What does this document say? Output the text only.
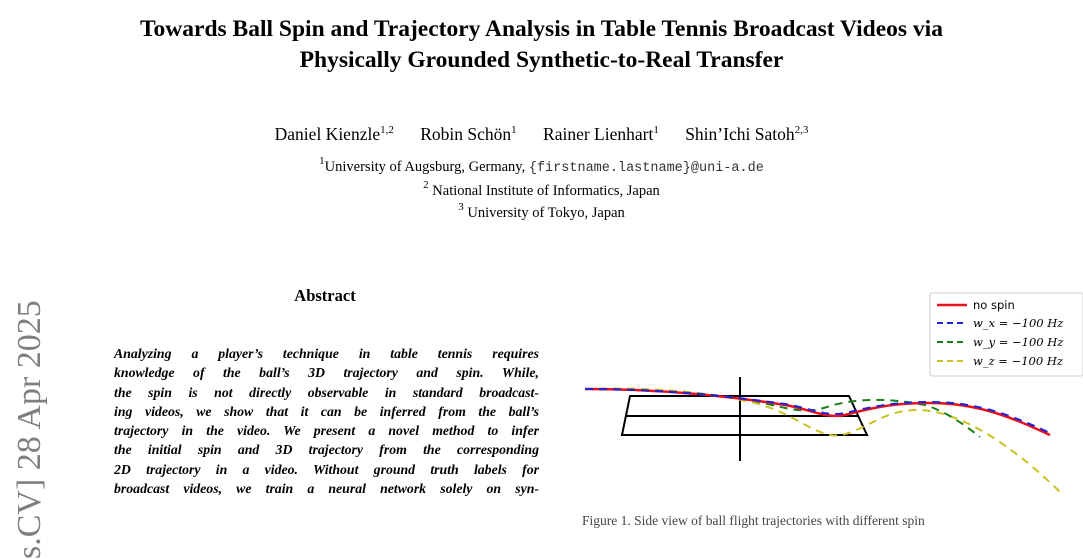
Towards Ball Spin and Trajectory Analysis in Table Tennis Broadcast Videos via
Physically Grounded Synthetic-to-Real Transfer
Daniel Kienzle$^{1,2}$ Robin Schön$^1$ Rainer Lienhart$^1$ Shin’Ichi Satoh$^{2,3}$
$^1$University of Augsburg, Germany, {firstname.lastname}@uni-a.de
$^2$ National Institute of Informatics, Japan
$^3$ University of Tokyo, Japan
s.CV] 28 Apr 2025
Abstract
Analyzing a player’s technique in table tennis requires
knowledge of the ball’s 3D trajectory and spin. While,
the spin is not directly observable in standard broadcast-
ing videos, we show that it can be inferred from the ball’s
trajectory in the video. We present a novel method to infer
the initial spin and 3D trajectory from the corresponding
2D trajectory in a video. Without ground truth labels for
broadcast videos, we train a neural network solely on syn-
no spin
w_x = −100 Hz
w_y = −100 Hz
w_z = −100 Hz
Figure 1. Side view of ball flight trajectories with different spin
